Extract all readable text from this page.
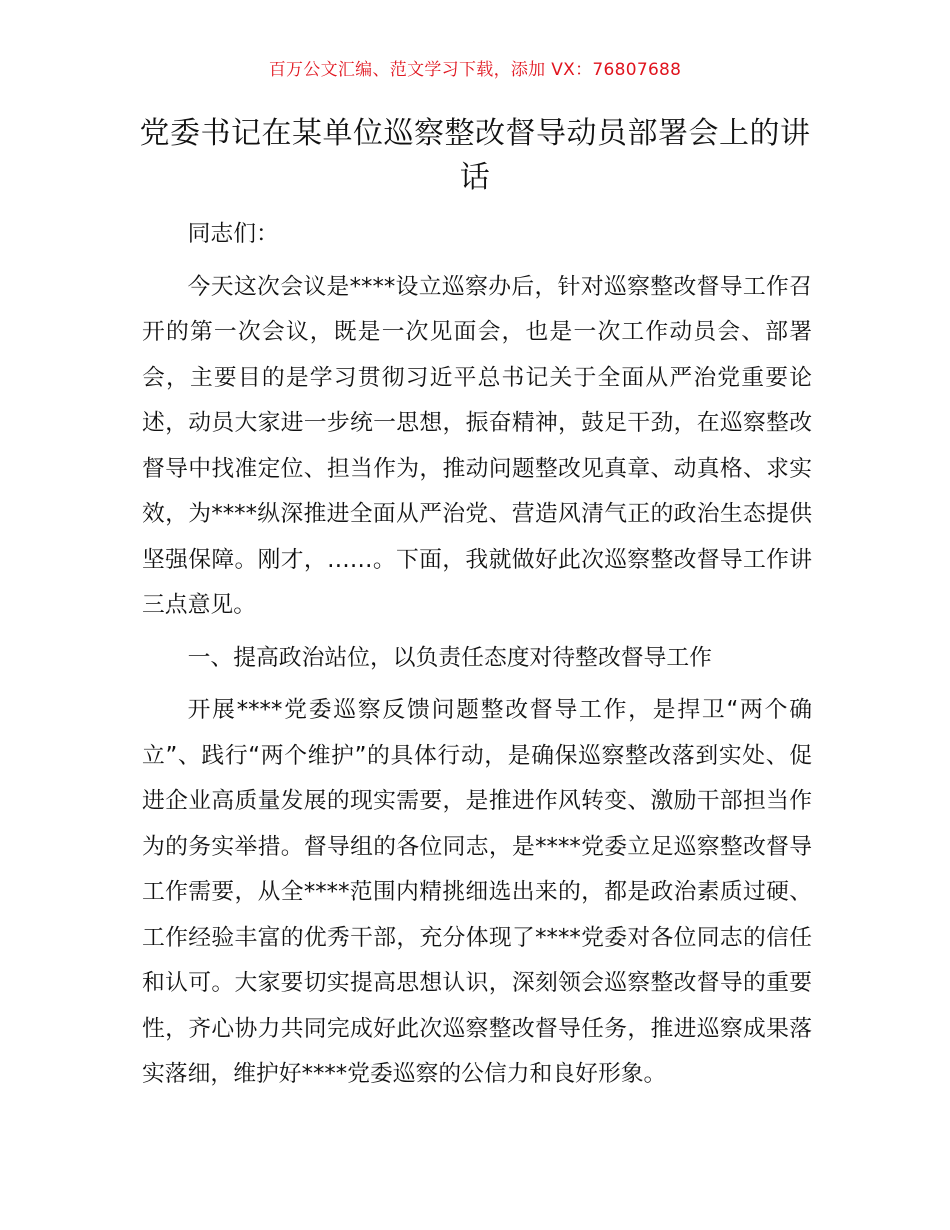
百万公文汇编、范文学习下载，添加 VX：76807688
党委书记在某单位巡察整改督导动员部署会上的讲话

同志们：

今天这次会议是****设立巡察办后，针对巡察整改督导工作召开的第一次会议，既是一次见面会，也是一次工作动员会、部署会，主要目的是学习贯彻习近平总书记关于全面从严治党重要论述，动员大家进一步统一思想，振奋精神，鼓足干劲，在巡察整改督导中找准定位、担当作为，推动问题整改见真章、动真格、求实效，为****纵深推进全面从严治党、营造风清气正的政治生态提供坚强保障。刚才，……。下面，我就做好此次巡察整改督导工作讲三点意见。

一、提高政治站位，以负责任态度对待整改督导工作

开展****党委巡察反馈问题整改督导工作，是捍卫“两个确立”、践行“两个维护”的具体行动，是确保巡察整改落到实处、促进企业高质量发展的现实需要，是推进作风转变、激励干部担当作为的务实举措。督导组的各位同志，是****党委立足巡察整改督导工作需要，从全****范围内精挑细选出来的，都是政治素质过硬、工作经验丰富的优秀干部，充分体现了****党委对各位同志的信任和认可。大家要切实提高思想认识，深刻领会巡察整改督导的重要性，齐心协力共同完成好此次巡察整改督导任务，推进巡察成果落实落细，维护好****党委巡察的公信力和良好形象。
